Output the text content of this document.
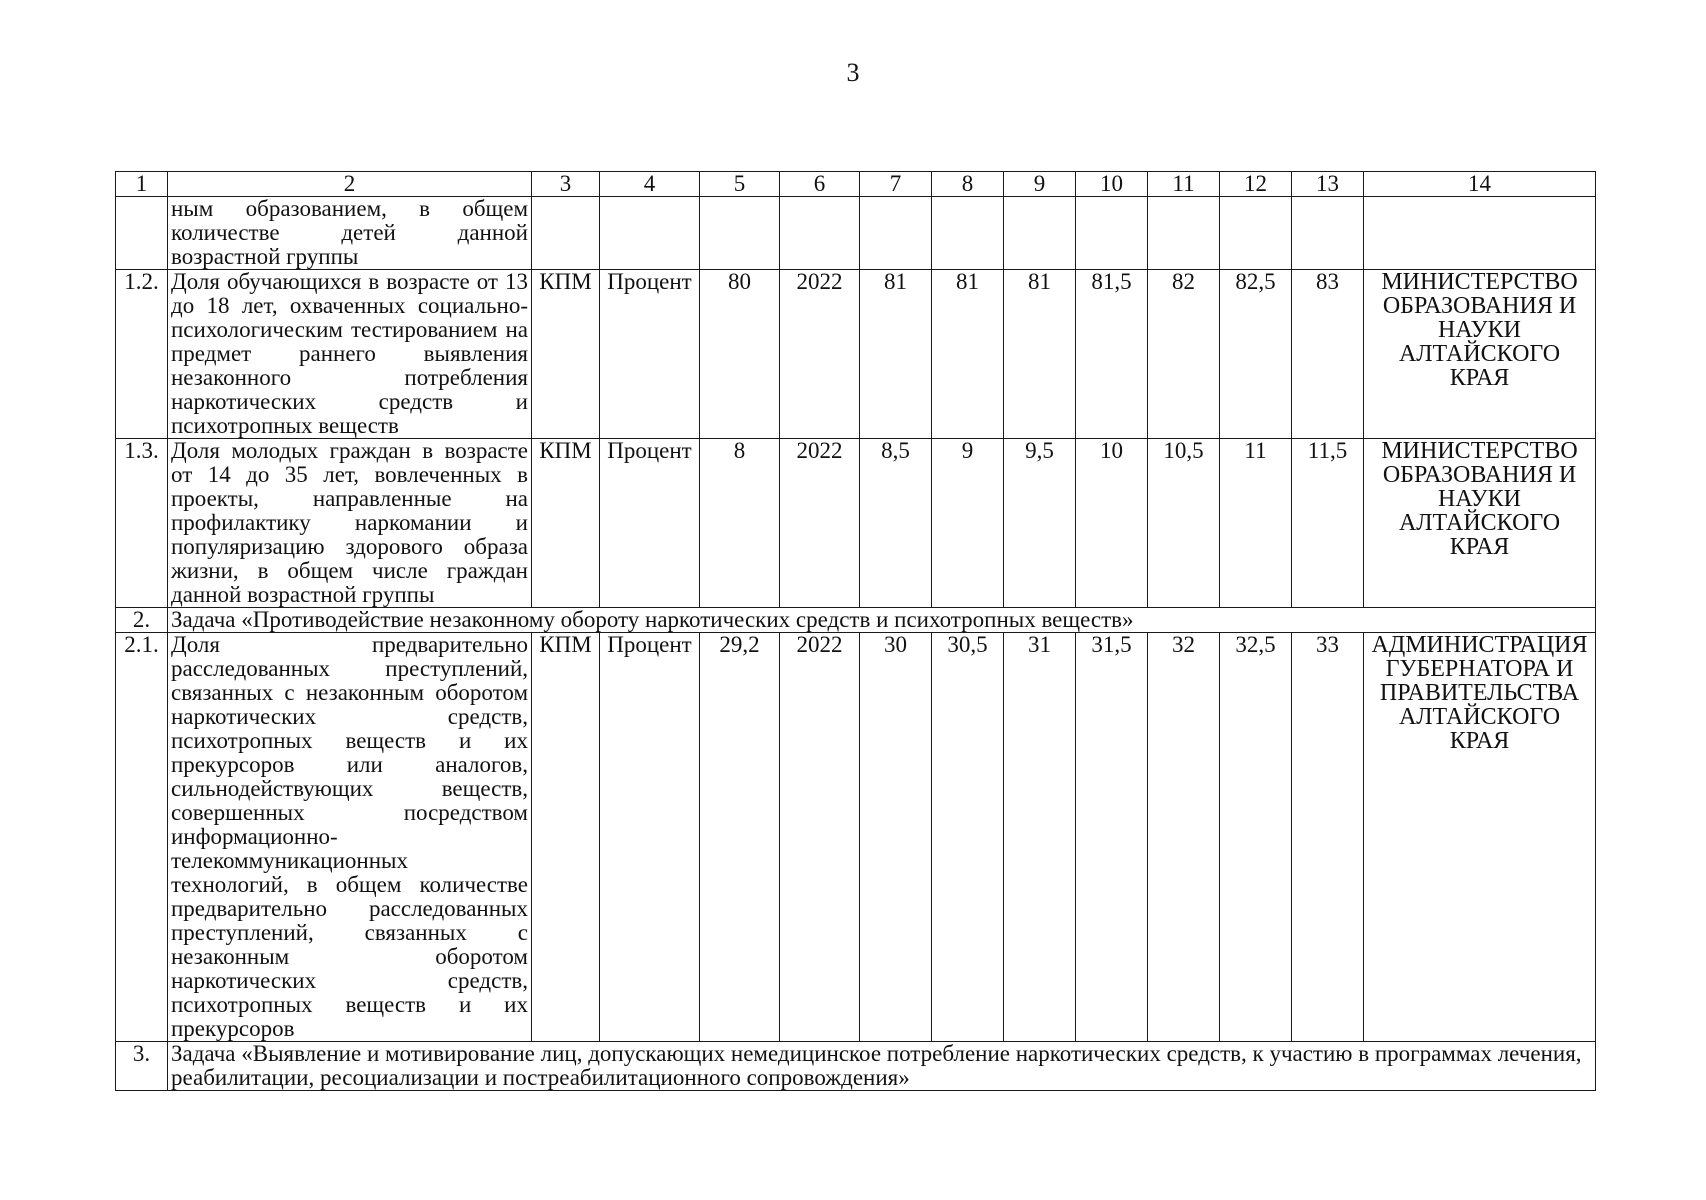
3
1	2	3	4	5	6	7	8	9	10	11	12	13	14
	ным образованием, в общем количестве детей данной возрастной группы												
1.2.	Доля обучающихся в возрасте от 13 до 18 лет, охваченных социально-психологическим тестированием на предмет раннего выявления незаконного потребления наркотических средств и психотропных веществ	КПМ	Процент	80	2022	81	81	81	81,5	82	82,5	83	МИНИСТЕРСТВО ОБРАЗОВАНИЯ И НАУКИ АЛТАЙСКОГО КРАЯ
1.3.	Доля молодых граждан в возрасте от 14 до 35 лет, вовлеченных в проекты, направленные на профилактику наркомании и популяризацию здорового образа жизни, в общем числе граждан данной возрастной группы	КПМ	Процент	8	2022	8,5	9	9,5	10	10,5	11	11,5	МИНИСТЕРСТВО ОБРАЗОВАНИЯ И НАУКИ АЛТАЙСКОГО КРАЯ
2.	Задача «Противодействие незаконному обороту наркотических средств и психотропных веществ»												
2.1.	Доля предварительно расследованных преступлений, связанных с незаконным оборотом наркотических средств, психотропных веществ и их прекурсоров или аналогов, сильнодействующих веществ, совершенных посредством информационно-телекоммуникационных технологий, в общем количестве предварительно расследованных преступлений, связанных с незаконным оборотом наркотических средств, психотропных веществ и их прекурсоров	КПМ	Процент	29,2	2022	30	30,5	31	31,5	32	32,5	33	АДМИНИСТРАЦИЯ ГУБЕРНАТОРА И ПРАВИТЕЛЬСТВА АЛТАЙСКОГО КРАЯ
3.	Задача «Выявление и мотивирование лиц, допускающих немедицинское потребление наркотических средств, к участию в программах лечения, реабилитации, ресоциализации и постреабилитационного сопровождения»												
